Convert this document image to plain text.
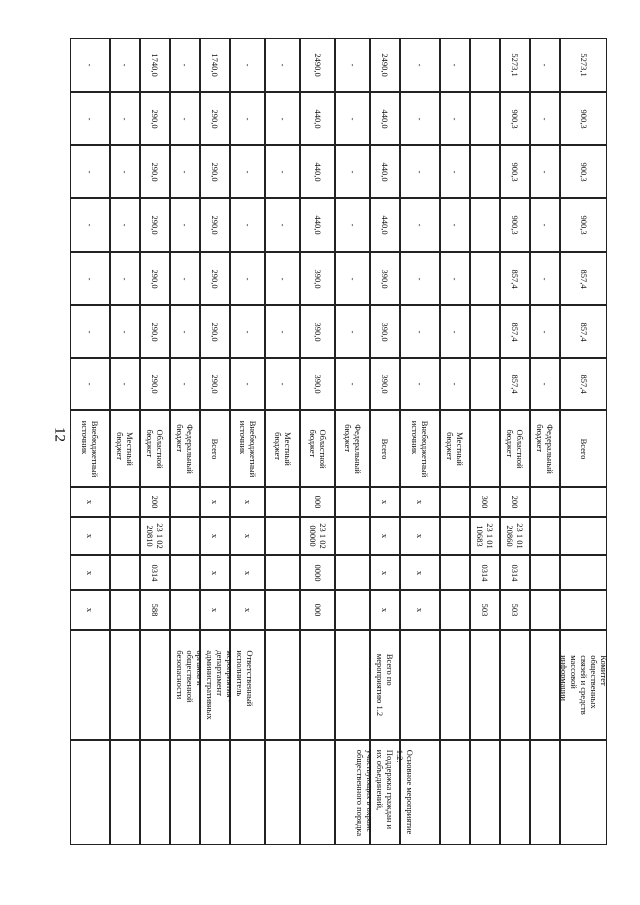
12
5273,1
900,3
900,3
900,3
857,4
857,4
857,4
Всего
Комитет
общественных
связей и средств
массовой
информации
-
-
-
-
-
-
-
Федеральный
бюджет
5273,1
900,3
900,3
900,3
857,4
857,4
857,4
Областной
бюджет
200
23 1 01
20860
0314
503
300
23 1 01
10683
0314
503
-
-
-
-
-
-
-
Местный
бюджет
-
-
-
-
-
-
-
Внебюджетный
источник
х
х
х
х
2490,0
440,0
440,0
440,0
390,0
390,0
390,0
Всего
х
х
х
х
Всего по
мероприятию 1.2
Основное мероприятие
1.2.
Поддержка граждан и
их объединений,
участвующих в охране
общественного порядка
-
-
-
-
-
-
-
Федеральный
бюджет
2490,0
440,0
440,0
440,0
390,0
390,0
390,0
Областной
бюджет
000
23 1 02
00000
0000
000
-
-
-
-
-
-
-
Местный
бюджет
-
-
-
-
-
-
-
Внебюджетный
источник
х
х
х
х
1740,0
290,0
290,0
290,0
290,0
290,0
290,0
Всего
х
х
х
х
Ответственный
исполнитель
мероприятия -
департамент
административных
органов и
общественной
безопасности
-
-
-
-
-
-
-
Федеральный
бюджет
1740,0
290,0
290,0
290,0
290,0
290,0
290,0
Областной
бюджет
200
23 1 02
20810
0314
588
-
-
-
-
-
-
-
Местный
бюджет
-
-
-
-
-
-
-
Внебюджетный
источник
х
х
х
х
